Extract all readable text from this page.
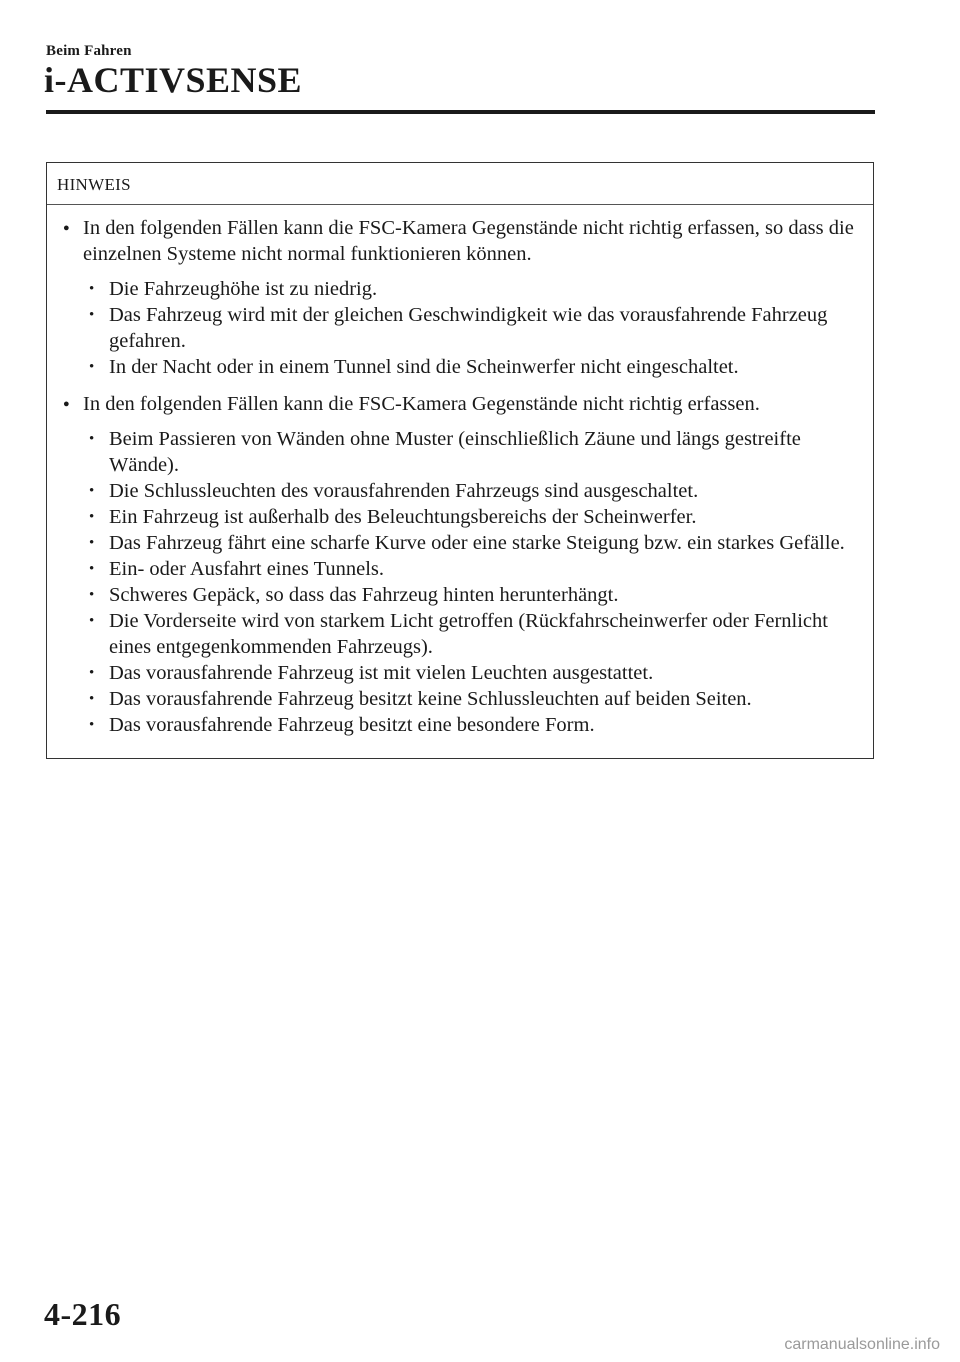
Beim Fahren
i-ACTIVSENSE
HINWEIS
● In den folgenden Fällen kann die FSC-Kamera Gegenstände nicht richtig erfassen, so dass die einzelnen Systeme nicht normal funktionieren können.
• Die Fahrzeughöhe ist zu niedrig.
• Das Fahrzeug wird mit der gleichen Geschwindigkeit wie das vorausfahrende Fahrzeug gefahren.
• In der Nacht oder in einem Tunnel sind die Scheinwerfer nicht eingeschaltet.
● In den folgenden Fällen kann die FSC-Kamera Gegenstände nicht richtig erfassen.
• Beim Passieren von Wänden ohne Muster (einschließlich Zäune und längs gestreifte Wände).
• Die Schlussleuchten des vorausfahrenden Fahrzeugs sind ausgeschaltet.
• Ein Fahrzeug ist außerhalb des Beleuchtungsbereichs der Scheinwerfer.
• Das Fahrzeug fährt eine scharfe Kurve oder eine starke Steigung bzw. ein starkes Gefälle.
• Ein- oder Ausfahrt eines Tunnels.
• Schweres Gepäck, so dass das Fahrzeug hinten herunterhängt.
• Die Vorderseite wird von starkem Licht getroffen (Rückfahrscheinwerfer oder Fernlicht eines entgegenkommenden Fahrzeugs).
• Das vorausfahrende Fahrzeug ist mit vielen Leuchten ausgestattet.
• Das vorausfahrende Fahrzeug besitzt keine Schlussleuchten auf beiden Seiten.
• Das vorausfahrende Fahrzeug besitzt eine besondere Form.
4-216
carmanualsonline.info
